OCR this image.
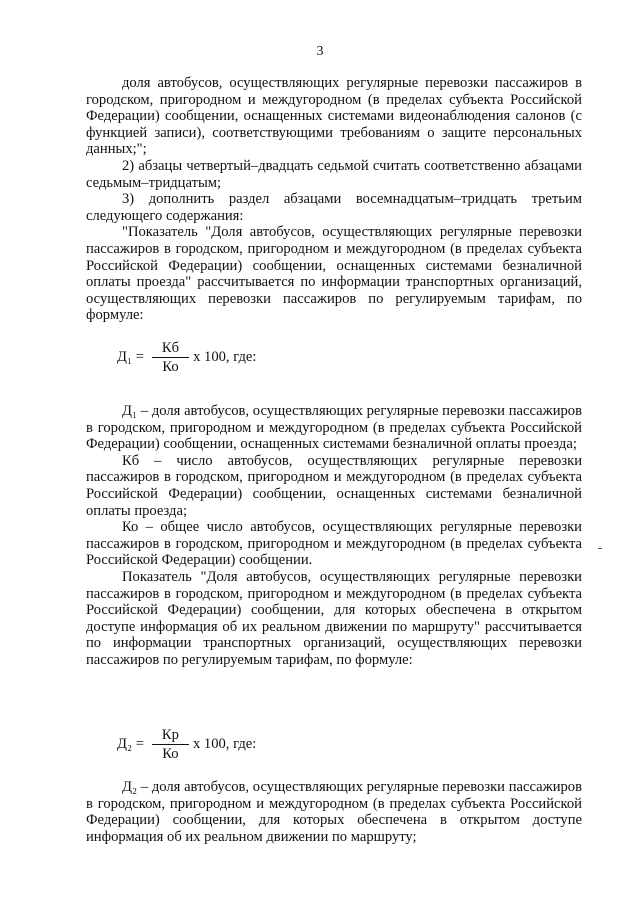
3

доля автобусов, осуществляющих регулярные перевозки пассажиров в городском, пригородном и междугородном (в пределах субъекта Российской Федерации) сообщении, оснащенных системами видеонаблюдения салонов (с функцией записи), соответствующими требованиям о защите персональных данных;";

2) абзацы четвертый–двадцать седьмой считать соответственно абзацами седьмым–тридцатым;

3) дополнить раздел абзацами восемнадцатым–тридцать третьим следующего содержания:

"Показатель "Доля автобусов, осуществляющих регулярные перевозки пассажиров в городском, пригородном и междугородном (в пределах субъекта Российской Федерации) сообщении, оснащенных системами безналичной оплаты проезда" рассчитывается по информации транспортных организаций, осуществляющих перевозки пассажиров по регулируемым тарифам, по формуле:

$Д_1 = \frac{Кб}{Ко}$ x 100, где:

Д₁ – доля автобусов, осуществляющих регулярные перевозки пассажиров в городском, пригородном и междугородном (в пределах субъекта Российской Федерации) сообщении, оснащенных системами безналичной оплаты проезда;

Кб – число автобусов, осуществляющих регулярные перевозки пассажиров в городском, пригородном и междугородном (в пределах субъекта Российской Федерации) сообщении, оснащенных системами безналичной оплаты проезда;

Ко – общее число автобусов, осуществляющих регулярные перевозки пассажиров в городском, пригородном и междугородном (в пределах субъекта Российской Федерации) сообщении.

Показатель "Доля автобусов, осуществляющих регулярные перевозки пассажиров в городском, пригородном и междугородном (в пределах субъекта Российской Федерации) сообщении, для которых обеспечена в открытом доступе информация об их реальном движении по маршруту" рассчитывается по информации транспортных организаций, осуществляющих перевозки пассажиров по регулируемым тарифам, по формуле:

$Д_2 = \frac{Кр}{Ко}$ x 100, где:

Д₂ – доля автобусов, осуществляющих регулярные перевозки пассажиров в городском, пригородном и междугородном (в пределах субъекта Российской Федерации) сообщении, для которых обеспечена в открытом доступе информация об их реальном движении по маршруту;
